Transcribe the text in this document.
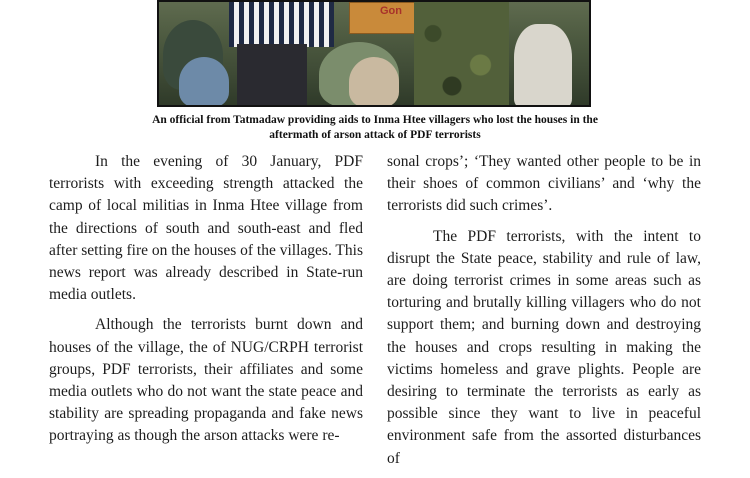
Gon
An official from Tatmadaw providing aids to Inma Htee villagers who lost the houses in the aftermath of arson attack of PDF terrorists

In the evening of 30 January, PDF terrorists with exceeding strength attacked the camp of local militias in Inma Htee village from the directions of south and south-east and fled after setting fire on the houses of the villages. This news report was already described in State-run media outlets.

Although the terrorists burnt down and houses of the village, the of NUG/CRPH terrorist groups, PDF terrorists, their affiliates and some media outlets who do not want the state peace and stability are spreading propaganda and fake news portraying as though the arson attacks were re-

sonal crops’; ‘They wanted other people to be in their shoes of common civilians’ and ‘why the terrorists did such crimes’.

The PDF terrorists, with the intent to disrupt the State peace, stability and rule of law, are doing terrorist crimes in some areas such as torturing and brutally killing villagers who do not support them; and burning down and destroying the houses and crops resulting in making the victims homeless and grave plights. People are desiring to terminate the terrorists as early as possible since they want to live in peaceful environment safe from the assorted disturbances of
